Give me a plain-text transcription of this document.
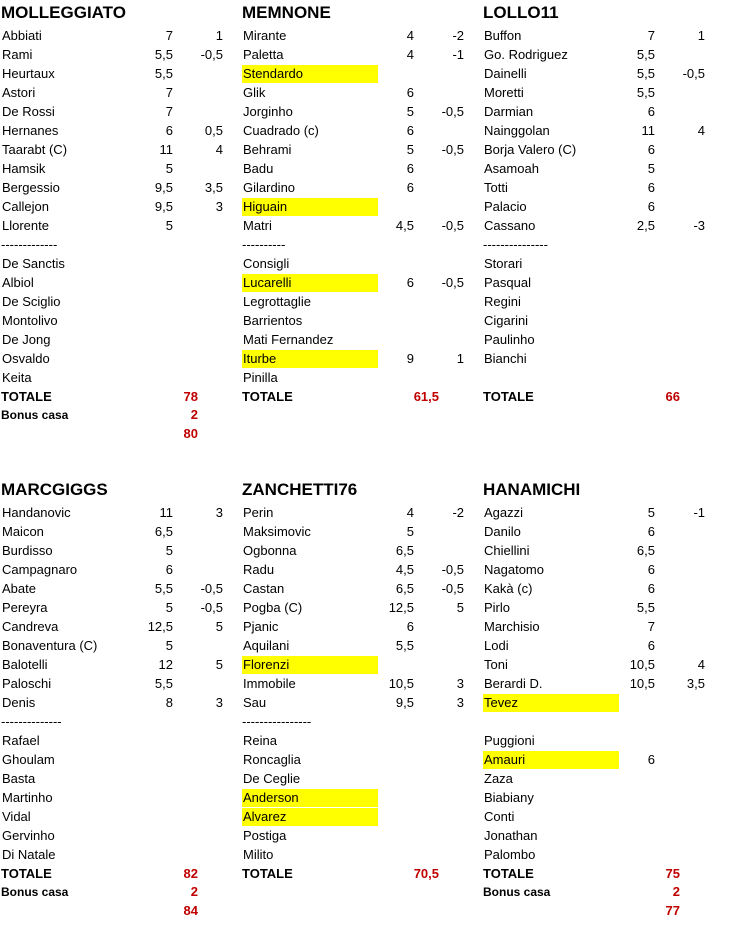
MOLLEGGIATO
Abbiati	7	1
Rami	5,5 -0,5
Heurtaux	5,5
Astori	7
De Rossi	7
Hernanes	6 0,5
Taarabt (C)	11	4
Hamsik	5
Bergessio	9,5 3,5
Callejon	9,5	3
Llorente	5
-------------
De Sanctis
Albiol
De Sciglio
Montolivo
De Jong
Osvaldo
Keita
TOTALE	78
Bonus casa	2
80
MEMNONE
Mirante	4	-2
Paletta	4	-1
Stendardo
Glik	6
Jorginho	5 -0,5
Cuadrado (c)	6
Behrami	5 -0,5
Badu	6
Gilardino	6
Higuain
Matri	4,5 -0,5
----------
Consigli
Lucarelli	6 -0,5
Legrottaglie
Barrientos
Mati Fernandez
Iturbe	9	1
Pinilla
TOTALE	61,5
LOLLO11
Buffon	7	1
Go. Rodriguez	5,5
Dainelli	5,5 -0,5
Moretti	5,5
Darmian	6
Nainggolan	11	4
Borja Valero (C)	6
Asamoah	5
Totti	6
Palacio	6
Cassano	2,5	-3
---------------
Storari
Pasqual
Regini
Cigarini
Paulinho
Bianchi
TOTALE	66
MARCGIGGS
Handanovic	11	3
Maicon	6,5
Burdisso	5
Campagnaro	6
Abate	5,5 -0,5
Pereyra	5 -0,5
Candreva	12,5	5
Bonaventura (C)	5
Balotelli	12	5
Paloschi	5,5
Denis	8	3
--------------
Rafael
Ghoulam
Basta
Martinho
Vidal
Gervinho
Di Natale
TOTALE	82
Bonus casa	2
84
ZANCHETTI76
Perin	4	-2
Maksimovic	5
Ogbonna	6,5
Radu	4,5 -0,5
Castan	6,5 -0,5
Pogba (C)	12,5	5
Pjanic	6
Aquilani	5,5
Florenzi
Immobile	10,5	3
Sau	9,5	3
----------------
Reina
Roncaglia
De Ceglie
Anderson
Alvarez
Postiga
Milito
TOTALE	70,5
HANAMICHI
Agazzi	5	-1
Danilo	6
Chiellini	6,5
Nagatomo	6
Kakà (c)	6
Pirlo	5,5
Marchisio	7
Lodi	6
Toni	10,5	4
Berardi D.	10,5 3,5
Tevez
Puggioni
Amauri	6
Zaza
Biabiany
Conti
Jonathan
Palombo
TOTALE	75
Bonus casa	2
77
